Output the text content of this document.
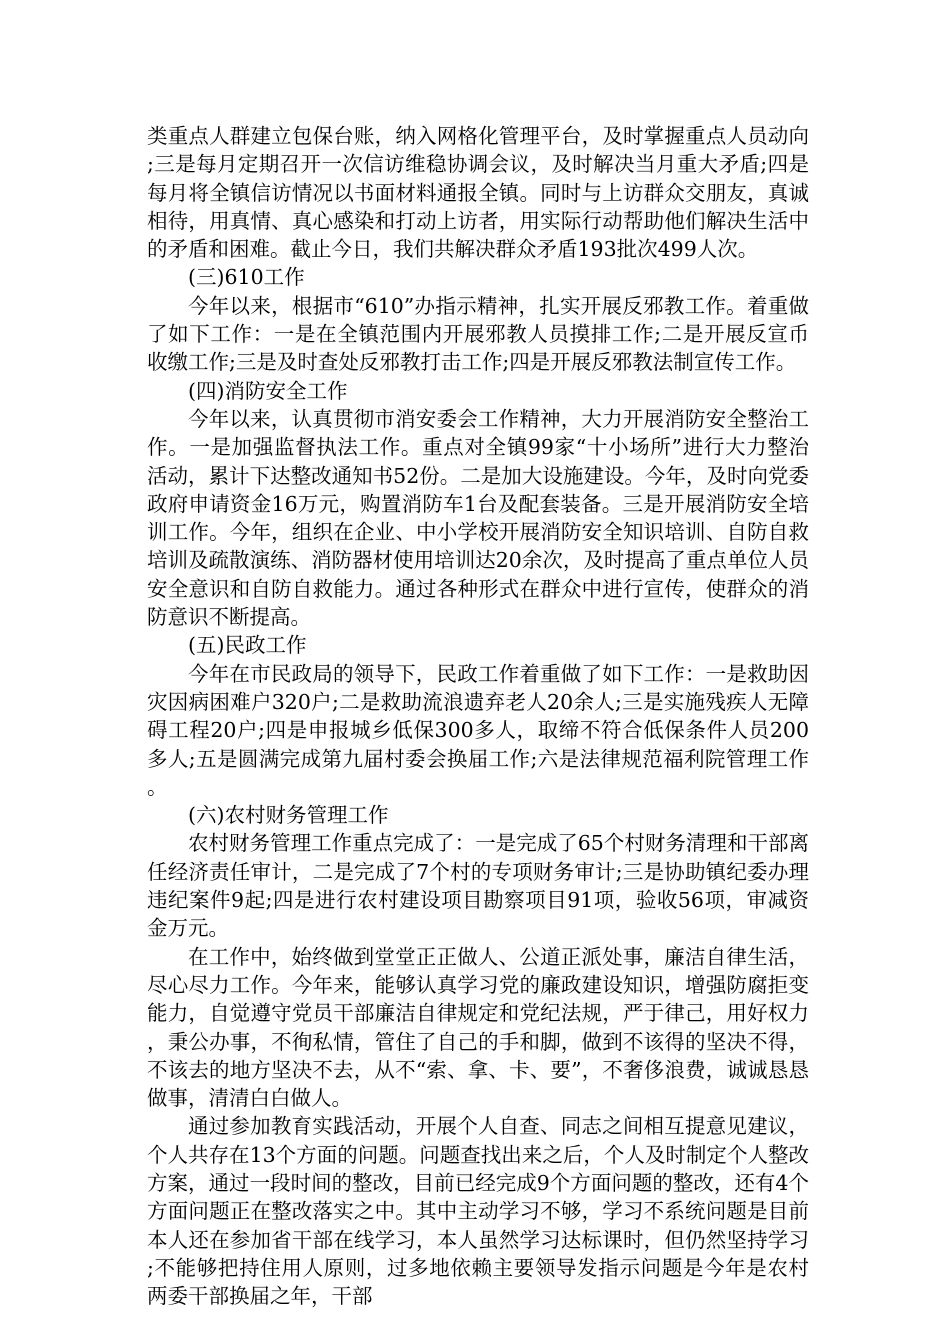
类重点人群建立包保台账，纳入网格化管理平台，及时掌握重点人员动向;三是每月定期召开一次信访维稳协调会议，及时解决当月重大矛盾;四是每月将全镇信访情况以书面材料通报全镇。同时与上访群众交朋友，真诚相待，用真情、真心感染和打动上访者，用实际行动帮助他们解决生活中的矛盾和困难。截止今日，我们共解决群众矛盾193批次499人次。

(三)610工作

今年以来，根据市“610”办指示精神，扎实开展反邪教工作。着重做了如下工作：一是在全镇范围内开展邪教人员摸排工作;二是开展反宣币收缴工作;三是及时查处反邪教打击工作;四是开展反邪教法制宣传工作。

(四)消防安全工作

今年以来，认真贯彻市消安委会工作精神，大力开展消防安全整治工作。一是加强监督执法工作。重点对全镇99家“十小场所”进行大力整治活动，累计下达整改通知书52份。二是加大设施建设。今年，及时向党委政府申请资金16万元，购置消防车1台及配套装备。三是开展消防安全培训工作。今年，组织在企业、中小学校开展消防安全知识培训、自防自救培训及疏散演练、消防器材使用培训达20余次，及时提高了重点单位人员安全意识和自防自救能力。通过各种形式在群众中进行宣传，使群众的消防意识不断提高。

(五)民政工作

今年在市民政局的领导下，民政工作着重做了如下工作：一是救助因灾因病困难户320户;二是救助流浪遗弃老人20余人;三是实施残疾人无障碍工程20户;四是申报城乡低保300多人，取缔不符合低保条件人员200多人;五是圆满完成第九届村委会换届工作;六是法律规范福利院管理工作。

(六)农村财务管理工作

农村财务管理工作重点完成了：一是完成了65个村财务清理和干部离任经济责任审计，二是完成了7个村的专项财务审计;三是协助镇纪委办理违纪案件9起;四是进行农村建设项目勘察项目91项，验收56项，审减资金万元。

在工作中，始终做到堂堂正正做人、公道正派处事，廉洁自律生活，尽心尽力工作。今年来，能够认真学习党的廉政建设知识，增强防腐拒变能力，自觉遵守党员干部廉洁自律规定和党纪法规，严于律己，用好权力，秉公办事，不徇私情，管住了自己的手和脚，做到不该得的坚决不得，不该去的地方坚决不去，从不“索、拿、卡、要”，不奢侈浪费，诚诚恳恳做事，清清白白做人。

通过参加教育实践活动，开展个人自查、同志之间相互提意见建议，个人共存在13个方面的问题。问题查找出来之后，个人及时制定个人整改方案，通过一段时间的整改，目前已经完成9个方面问题的整改，还有4个方面问题正在整改落实之中。其中主动学习不够，学习不系统问题是目前本人还在参加省干部在线学习，本人虽然学习达标课时，但仍然坚持学习;不能够把持住用人原则，过多地依赖主要领导发指示问题是今年是农村两委干部换届之年，干部
